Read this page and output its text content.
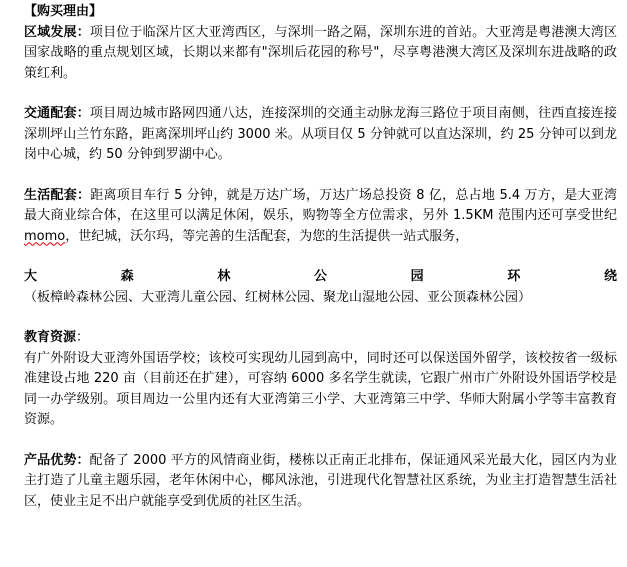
【购买理由】

区域发展：项目位于临深片区大亚湾西区，与深圳一路之隔，深圳东进的首站。大亚湾是粤港澳大湾区国家战略的重点规划区域，长期以来都有"深圳后花园的称号"，尽享粤港澳大湾区及深圳东进战略的政策红利。

交通配套：项目周边城市路网四通八达，连接深圳的交通主动脉龙海三路位于项目南侧，往西直接连接深圳坪山兰竹东路，距离深圳坪山约 3000 米。从项目仅 5 分钟就可以直达深圳，约 25 分钟可以到龙岗中心城，约 50 分钟到罗湖中心。

生活配套：距离项目车行 5 分钟，就是万达广场，万达广场总投资 8 亿，总占地 5.4 万方，是大亚湾最大商业综合体，在这里可以满足休闲，娱乐，购物等全方位需求，另外 1.5KM 范围内还可享受世纪 momo，世纪城，沃尔玛，等完善的生活配套，为您的生活提供一站式服务，

大森林公园环绕（板樟岭森林公园、大亚湾儿童公园、红树林公园、聚龙山湿地公园、亚公顶森林公园）

教育资源：

有广外附设大亚湾外国语学校；该校可实现幼儿园到高中，同时还可以保送国外留学，该校按省一级标准建设占地 220 亩（目前还在扩建），可容纳 6000 多名学生就读，它跟广州市广外附设外国语学校是同一办学级别。项目周边一公里内还有大亚湾第三小学、大亚湾第三中学、华师大附属小学等丰富教育资源。

产品优势：配备了 2000 平方的风情商业街，楼栋以正南正北排布，保证通风采光最大化，园区内为业主打造了儿童主题乐园，老年休闲中心，椰风泳池，引进现代化智慧社区系统，为业主打造智慧生活社区，使业主足不出户就能享受到优质的社区生活。
